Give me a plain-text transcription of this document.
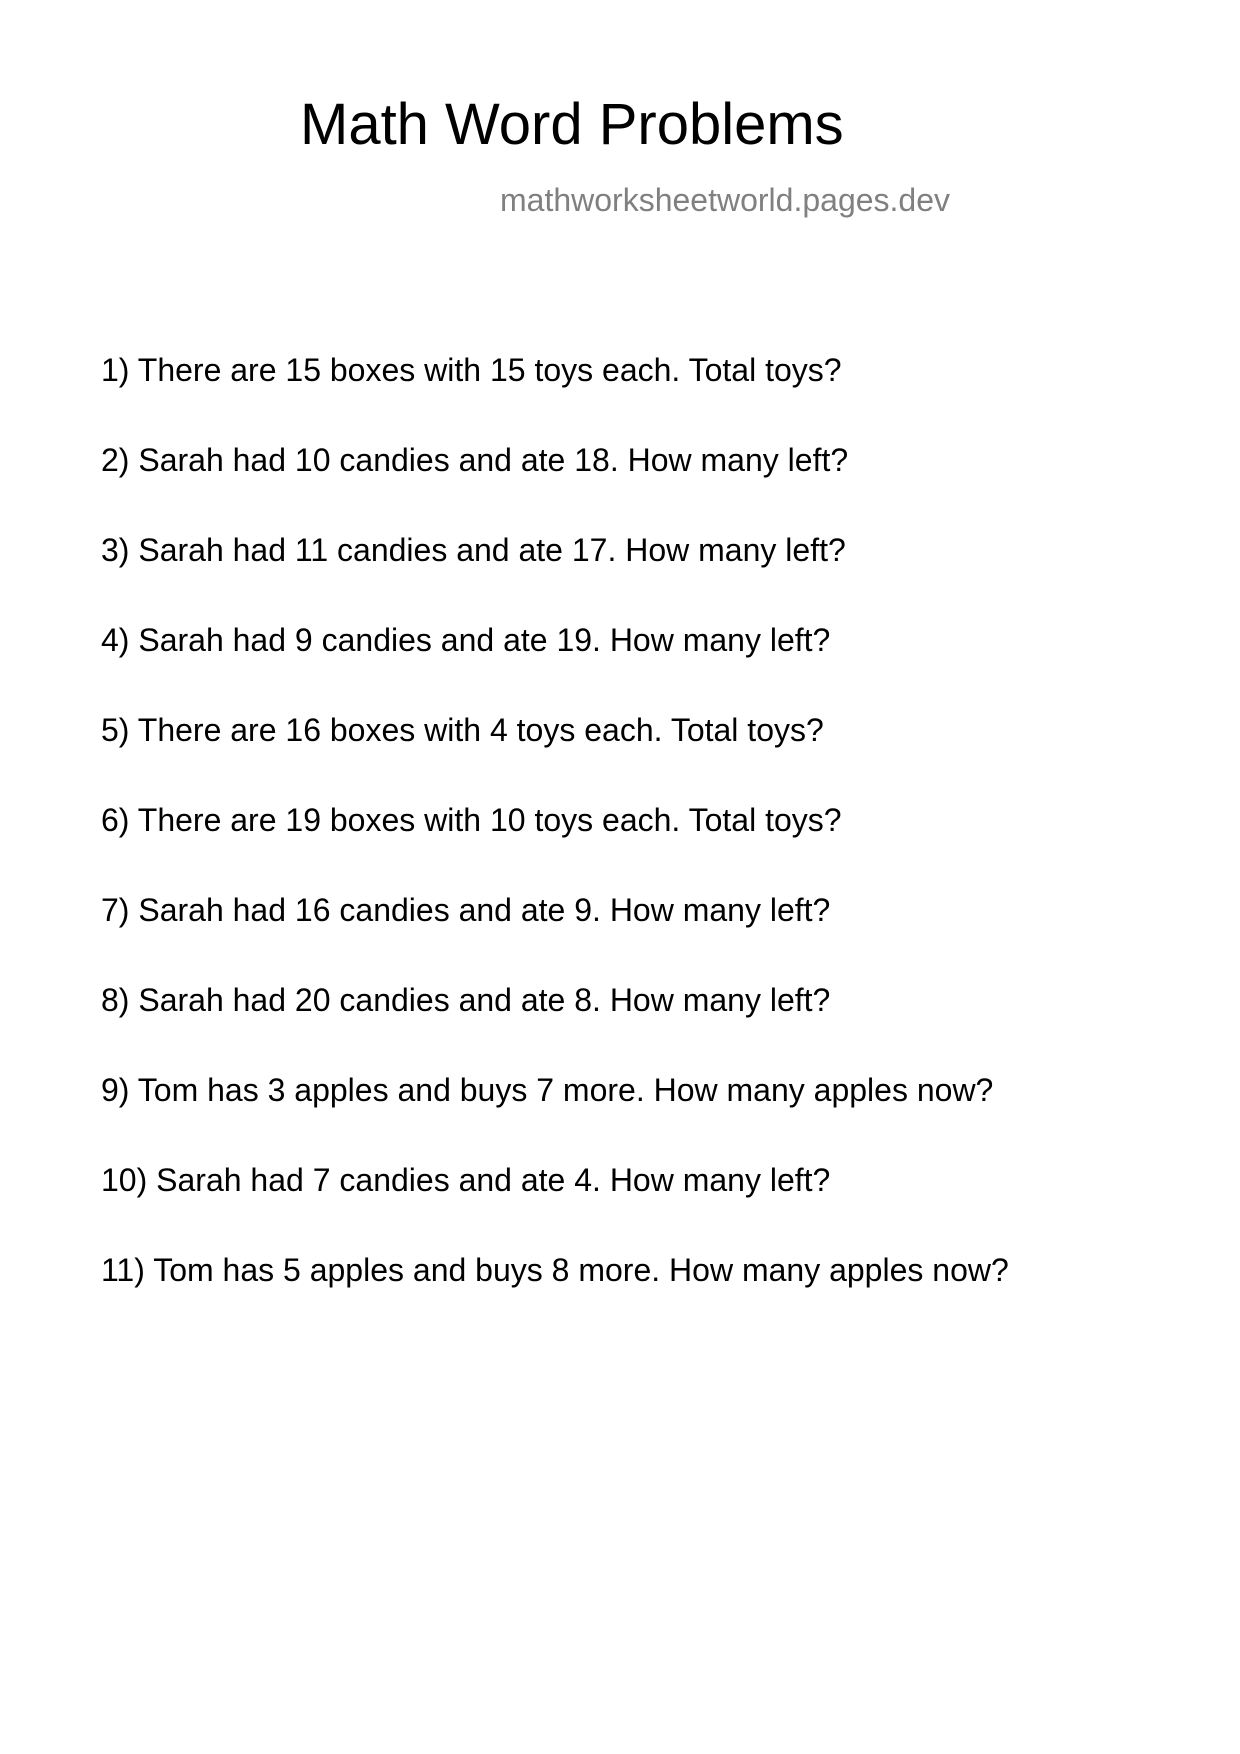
Math Word Problems
mathworksheetworld.pages.dev
1) There are 15 boxes with 15 toys each. Total toys?
2) Sarah had 10 candies and ate 18. How many left?
3) Sarah had 11 candies and ate 17. How many left?
4) Sarah had 9 candies and ate 19. How many left?
5) There are 16 boxes with 4 toys each. Total toys?
6) There are 19 boxes with 10 toys each. Total toys?
7) Sarah had 16 candies and ate 9. How many left?
8) Sarah had 20 candies and ate 8. How many left?
9) Tom has 3 apples and buys 7 more. How many apples now?
10) Sarah had 7 candies and ate 4. How many left?
11) Tom has 5 apples and buys 8 more. How many apples now?
